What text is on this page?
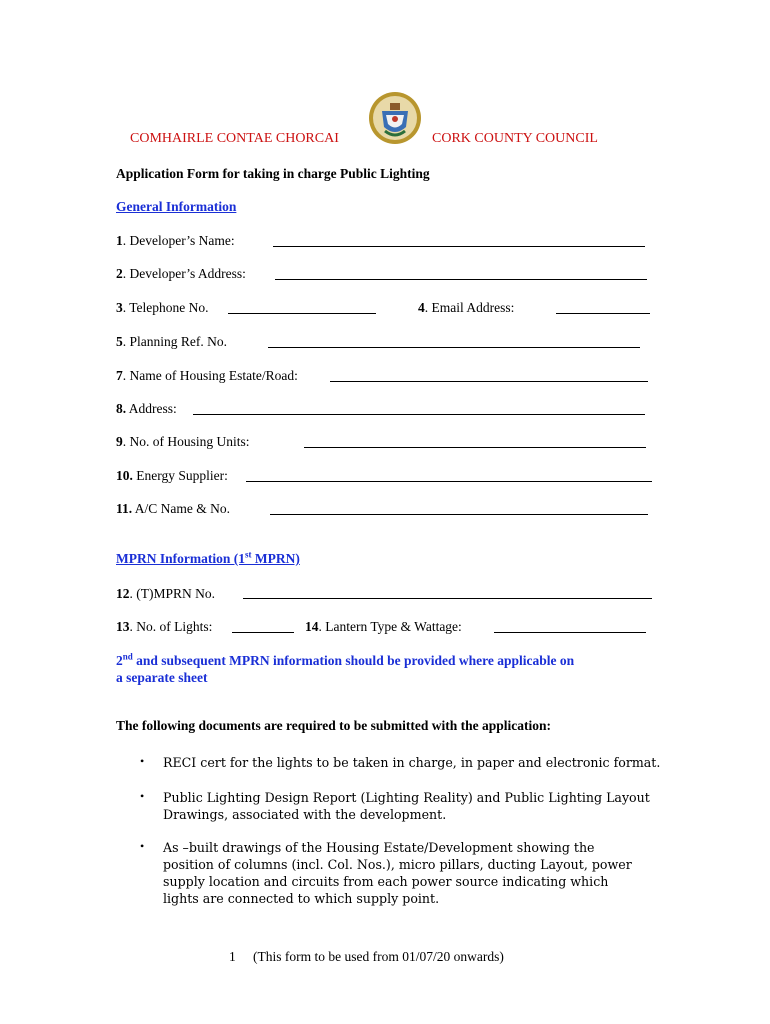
COMHAIRLE CONTAE CHORCAI	CORK COUNTY COUNCIL
Application Form for taking in charge Public Lighting
General Information
1. Developer’s Name:
2. Developer’s Address:
3. Telephone No.	4. Email Address:
5. Planning Ref. No.
7. Name of Housing Estate/Road:
8. Address:
9. No. of Housing Units:
10. Energy Supplier:
11. A/C Name & No.
MPRN Information (1st MPRN)
12. (T)MPRN No.
13. No. of Lights:	14. Lantern Type & Wattage:
2nd and subsequent MPRN information should be provided where applicable on
a separate sheet
The following documents are required to be submitted with the application:
• RECI cert for the lights to be taken in charge, in paper and electronic format.
• Public Lighting Design Report (Lighting Reality) and Public Lighting Layout
Drawings, associated with the development.
• As –built drawings of the Housing Estate/Development showing the
position of columns (incl. Col. Nos.), micro pillars, ducting Layout, power
supply location and circuits from each power source indicating which
lights are connected to which supply point.
1 (This form to be used from 01/07/20 onwards)
